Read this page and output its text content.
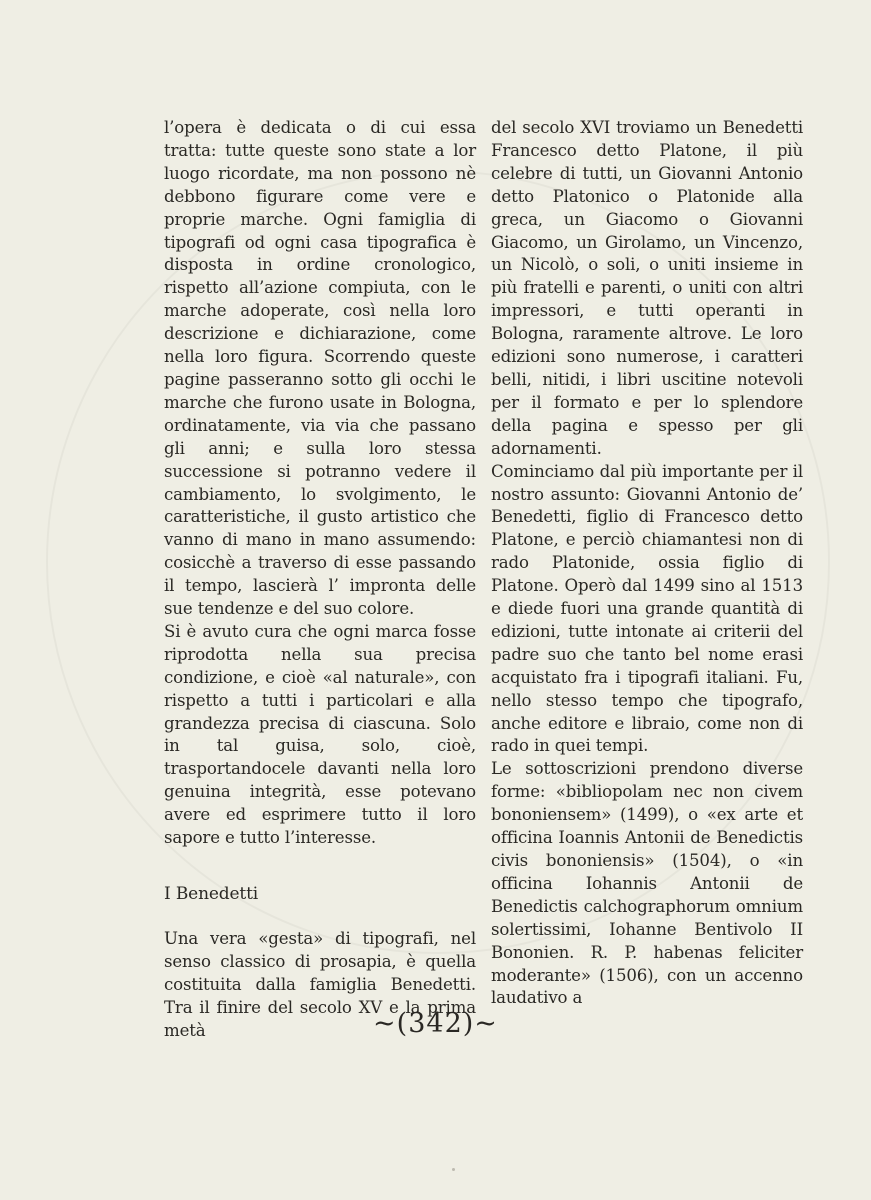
l’opera è dedicata o di cui essa tratta: tutte queste sono state a lor luogo ricordate, ma non possono nè debbono figurare come vere e proprie marche. Ogni famiglia di tipografi od ogni casa tipografica è disposta in ordine cronologico, rispetto all’azione compiuta, con le marche adoperate, così nella loro descrizione e dichiarazione, come nella loro figura. Scorrendo queste pagine passeranno sotto gli occhi le marche che furono usate in Bologna, ordinatamente, via via che passano gli anni; e sulla loro stessa successione si potranno vedere il cambiamento, lo svolgimento, le caratteristiche, il gusto artistico che vanno di mano in mano assumendo: cosicchè a traverso di esse passando il tempo, lascierà l’ impronta delle sue tendenze e del suo colore.

Si è avuto cura che ogni marca fosse riprodotta nella sua precisa condizione, e cioè «al naturale», con rispetto a tutti i particolari e alla grandezza precisa di ciascuna. Solo in tal guisa, solo, cioè, trasportandocele davanti nella loro genuina integrità, esse potevano avere ed esprimere tutto il loro sapore e tutto l’interesse.

I Benedetti

Una vera «gesta» di tipografi, nel senso classico di prosapia, è quella costituita dalla famiglia Benedetti. Tra il finire del secolo XV e la prima metà

del secolo XVI troviamo un Benedetti Francesco detto Platone, il più celebre di tutti, un Giovanni Antonio detto Platonico o Platonide alla greca, un Giacomo o Giovanni Giacomo, un Girolamo, un Vincenzo, un Nicolò, o soli, o uniti insieme in più fratelli e parenti, o uniti con altri impressori, e tutti operanti in Bologna, raramente altrove. Le loro edizioni sono numerose, i caratteri belli, nitidi, i libri uscitine notevoli per il formato e per lo splendore della pagina e spesso per gli adornamenti.

Cominciamo dal più importante per il nostro assunto: Giovanni Antonio de’ Benedetti, figlio di Francesco detto Platone, e perciò chiamantesi non di rado Platonide, ossia figlio di Platone. Operò dal 1499 sino al 1513 e diede fuori una grande quantità di edizioni, tutte intonate ai criterii del padre suo che tanto bel nome erasi acquistato fra i tipografi italiani. Fu, nello stesso tempo che tipografo, anche editore e libraio, come non di rado in quei tempi.

Le sottoscrizioni prendono diverse forme: «bibliopolam nec non civem bononiensem» (1499), o «ex arte et officina Ioannis Antonii de Benedictis civis bononiensis» (1504), o «in officina Iohannis Antonii de Benedictis calchographorum omnium solertissimi, Iohanne Bentivolo II Bononien. R. P. habenas feliciter moderante» (1506), con un accenno laudativo a

~(342)~
